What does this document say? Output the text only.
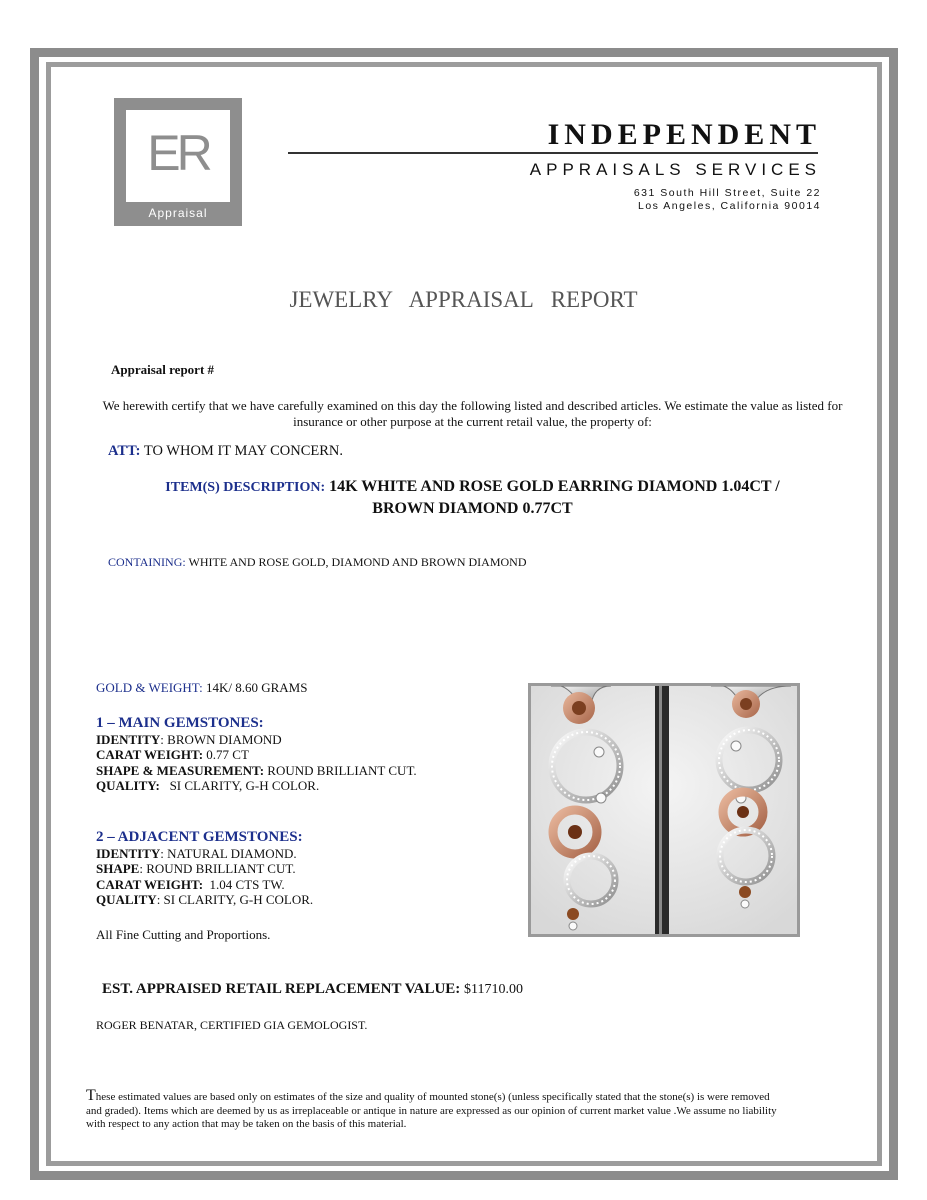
ER
Appraisal
INDEPENDENT
APPRAISALS SERVICES
631 South Hill Street, Suite 22
Los Angeles, California 90014
JEWELRY APPRAISAL REPORT
Appraisal report #
We herewith certify that we have carefully examined on this day the following listed and described articles. We estimate the value as listed for insurance or other purpose at the current retail value, the property of:
ATT: TO WHOM IT MAY CONCERN.
ITEM(S) DESCRIPTION: 14K WHITE AND ROSE GOLD EARRING DIAMOND 1.04CT /
BROWN DIAMOND 0.77CT
CONTAINING: WHITE AND ROSE GOLD, DIAMOND AND BROWN DIAMOND
GOLD & WEIGHT: 14K/ 8.60 GRAMS
1 – MAIN GEMSTONES:
IDENTITY: BROWN DIAMOND
CARAT WEIGHT: 0.77 CT
SHAPE & MEASUREMENT: ROUND BRILLIANT CUT.
QUALITY: SI CLARITY, G-H COLOR.
2 – ADJACENT GEMSTONES:
IDENTITY: NATURAL DIAMOND.
SHAPE: ROUND BRILLIANT CUT.
CARAT WEIGHT: 1.04 CTS TW.
QUALITY: SI CLARITY, G-H COLOR.
All Fine Cutting and Proportions.
EST. APPRAISED RETAIL REPLACEMENT VALUE: $11710.00
ROGER BENATAR, CERTIFIED GIA GEMOLOGIST.
These estimated values are based only on estimates of the size and quality of mounted stone(s) (unless specifically stated that the stone(s) is were removed and graded). Items which are deemed by us as irreplaceable or antique in nature are expressed as our opinion of current market value .We assume no liability with respect to any action that may be taken on the basis of this material.
